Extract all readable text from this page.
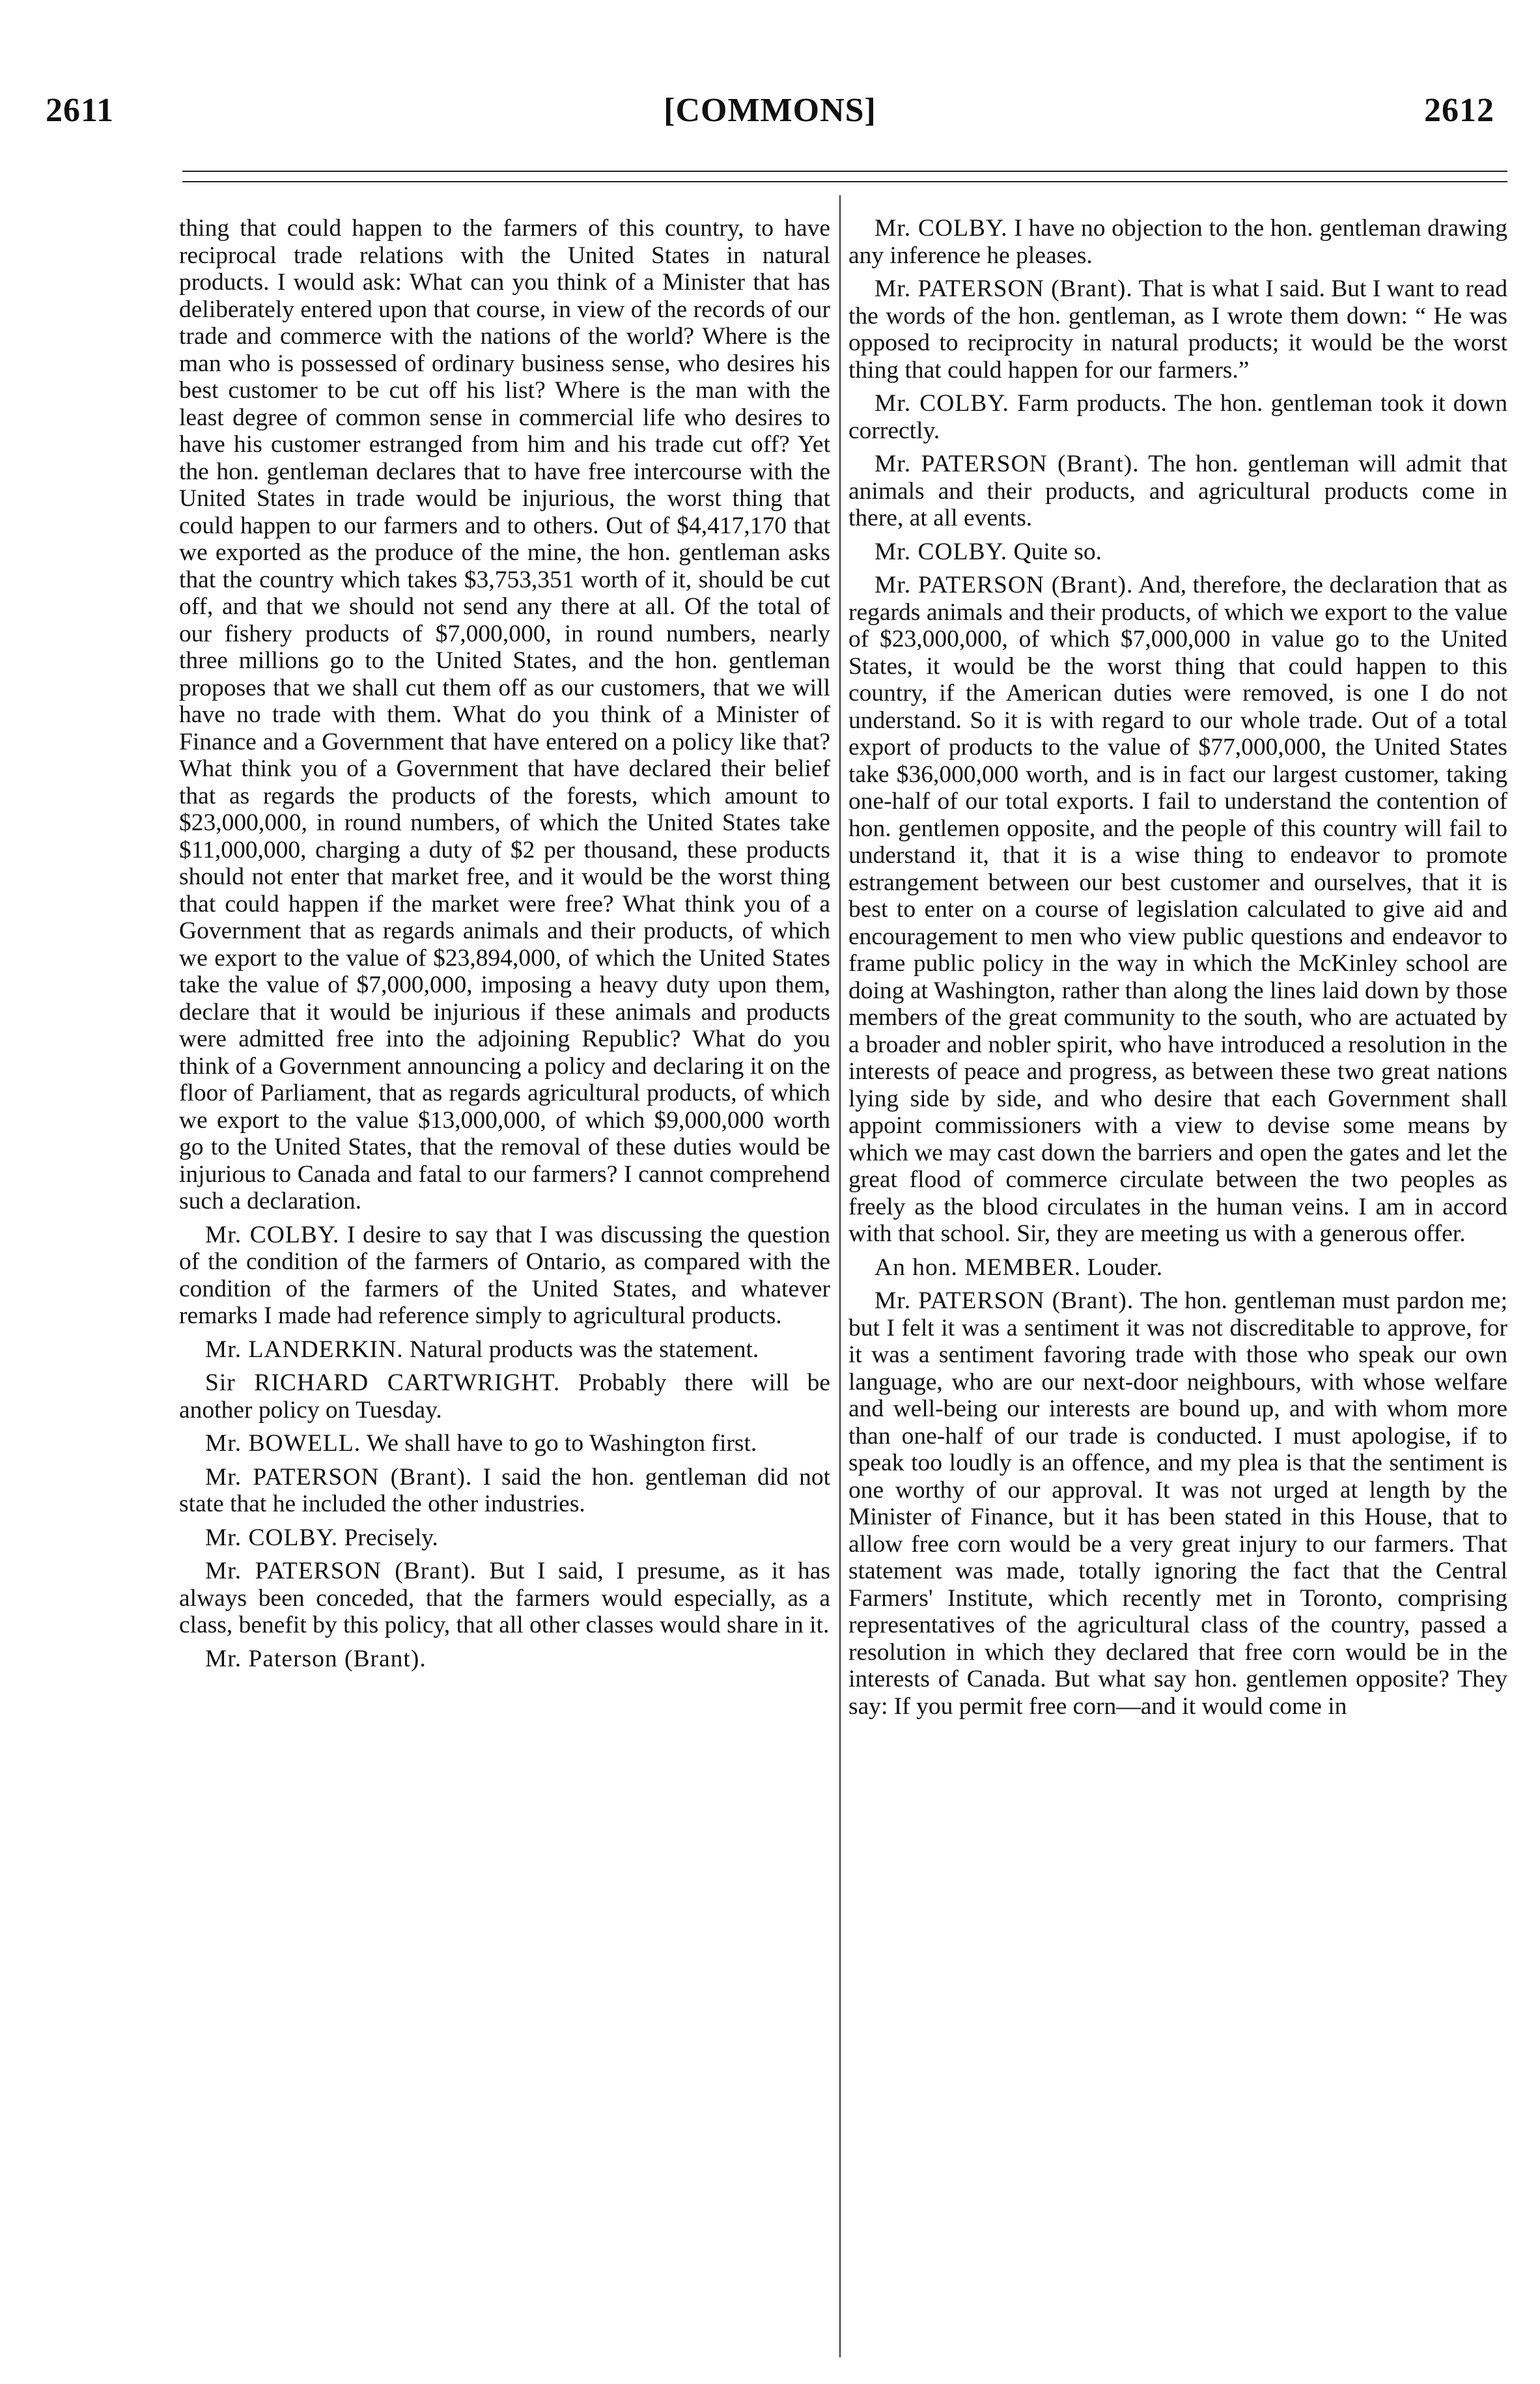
2611	[COMMONS]	2612

thing that could happen to the farmers of this country, to have reciprocal trade relations with the United States in natural products. I would ask: What can you think of a Minister that has deliberately entered upon that course, in view of the records of our trade and commerce with the nations of the world? Where is the man who is possessed of ordinary business sense, who desires his best customer to be cut off his list? Where is the man with the least degree of common sense in commercial life who desires to have his customer estranged from him and his trade cut off? Yet the hon. gentleman declares that to have free intercourse with the United States in trade would be injurious, the worst thing that could happen to our farmers and to others. Out of $4,417,170 that we exported as the produce of the mine, the hon. gentleman asks that the country which takes $3,753,351 worth of it, should be cut off, and that we should not send any there at all. Of the total of our fishery products of $7,000,000, in round numbers, nearly three millions go to the United States, and the hon. gentleman proposes that we shall cut them off as our customers, that we will have no trade with them. What do you think of a Minister of Finance and a Government that have entered on a policy like that? What think you of a Government that have declared their belief that as regards the products of the forests, which amount to $23,000,000, in round numbers, of which the United States take $11,000,000, charging a duty of $2 per thousand, these products should not enter that market free, and it would be the worst thing that could happen if the market were free? What think you of a Government that as regards animals and their products, of which we export to the value of $23,894,000, of which the United States take the value of $7,000,000, imposing a heavy duty upon them, declare that it would be injurious if these animals and products were admitted free into the adjoining Republic? What do you think of a Government announcing a policy and declaring it on the floor of Parliament, that as regards agricultural products, of which we export to the value $13,000,000, of which $9,000,000 worth go to the United States, that the removal of these duties would be injurious to Canada and fatal to our farmers? I cannot comprehend such a declaration.

Mr. COLBY. I desire to say that I was discussing the question of the condition of the farmers of Ontario, as compared with the condition of the farmers of the United States, and whatever remarks I made had reference simply to agricultural products.

Mr. LANDERKIN. Natural products was the statement.

Sir RICHARD CARTWRIGHT. Probably there will be another policy on Tuesday.

Mr. BOWELL. We shall have to go to Washington first.

Mr. PATERSON (Brant). I said the hon. gentleman did not state that he included the other industries.

Mr. COLBY. Precisely.

Mr. PATERSON (Brant). But I said, I presume, as it has always been conceded, that the farmers would especially, as a class, benefit by this policy, that all other classes would share in it.

Mr. Paterson (Brant).

Mr. COLBY. I have no objection to the hon. gentleman drawing any inference he pleases.

Mr. PATERSON (Brant). That is what I said. But I want to read the words of the hon. gentleman, as I wrote them down: “ He was opposed to reciprocity in natural products; it would be the worst thing that could happen for our farmers.”

Mr. COLBY. Farm products. The hon. gentleman took it down correctly.

Mr. PATERSON (Brant). The hon. gentleman will admit that animals and their products, and agricultural products come in there, at all events.

Mr. COLBY. Quite so.

Mr. PATERSON (Brant). And, therefore, the declaration that as regards animals and their products, of which we export to the value of $23,000,000, of which $7,000,000 in value go to the United States, it would be the worst thing that could happen to this country, if the American duties were removed, is one I do not understand. So it is with regard to our whole trade. Out of a total export of products to the value of $77,000,000, the United States take $36,000,000 worth, and is in fact our largest customer, taking one-half of our total exports. I fail to understand the contention of hon. gentlemen opposite, and the people of this country will fail to understand it, that it is a wise thing to endeavor to promote estrangement between our best customer and ourselves, that it is best to enter on a course of legislation calculated to give aid and encouragement to men who view public questions and endeavor to frame public policy in the way in which the McKinley school are doing at Washington, rather than along the lines laid down by those members of the great community to the south, who are actuated by a broader and nobler spirit, who have introduced a resolution in the interests of peace and progress, as between these two great nations lying side by side, and who desire that each Government shall appoint commissioners with a view to devise some means by which we may cast down the barriers and open the gates and let the great flood of commerce circulate between the two peoples as freely as the blood circulates in the human veins. I am in accord with that school. Sir, they are meeting us with a generous offer.

An hon. MEMBER. Louder.

Mr. PATERSON (Brant). The hon. gentleman must pardon me; but I felt it was a sentiment it was not discreditable to approve, for it was a sentiment favoring trade with those who speak our own language, who are our next-door neighbours, with whose welfare and well-being our interests are bound up, and with whom more than one-half of our trade is conducted. I must apologise, if to speak too loudly is an offence, and my plea is that the sentiment is one worthy of our approval. It was not urged at length by the Minister of Finance, but it has been stated in this House, that to allow free corn would be a very great injury to our farmers. That statement was made, totally ignoring the fact that the Central Farmers' Institute, which recently met in Toronto, comprising representatives of the agricultural class of the country, passed a resolution in which they declared that free corn would be in the interests of Canada. But what say hon. gentlemen opposite? They say: If you permit free corn—and it would come in
